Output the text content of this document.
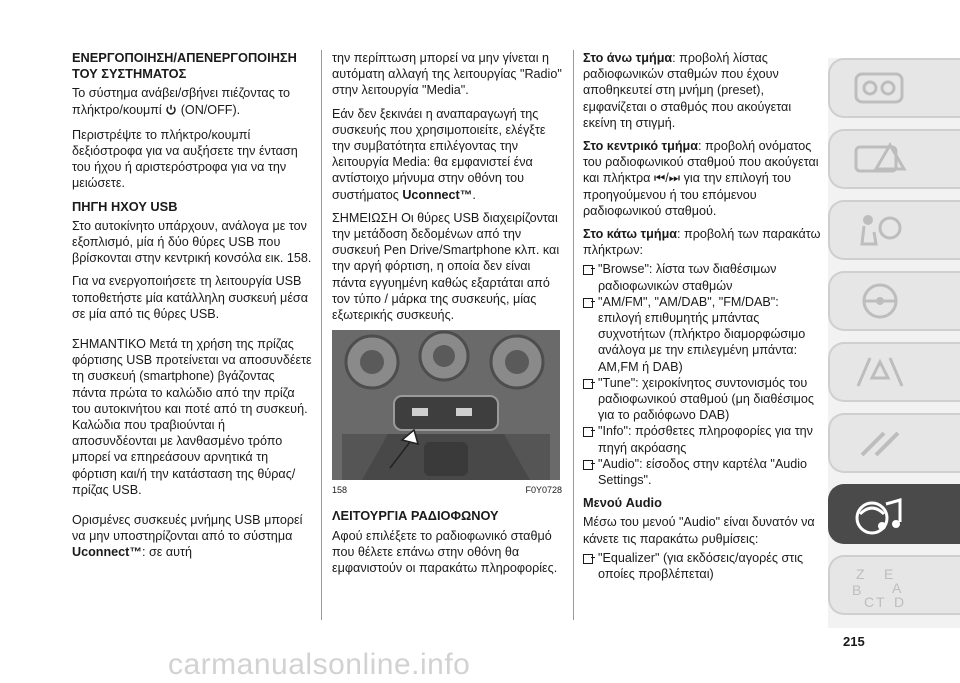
ΕΝΕΡΓΟΠΟΙΗΣΗ/ΑΠΕΝΕΡΓΟΠΟΙΗΣΗ ΤΟΥ ΣΥΣΤΗΜΑΤΟΣ

Το σύστημα ανάβει/σβήνει πιέζοντας το πλήκτρο/κουμπί (ON/OFF).

Περιστρέψτε το πλήκτρο/κουμπί δεξιόστροφα για να αυξήσετε την ένταση του ήχου ή αριστερόστροφα για να την μειώσετε.

ΠΗΓΗ ΗΧΟΥ USB

Στο αυτοκίνητο υπάρχουν, ανάλογα με τον εξοπλισμό, μία ή δύο θύρες USB που βρίσκονται στην κεντρική κονσόλα εικ. 158.

Για να ενεργοποιήσετε τη λειτουργία USB τοποθετήστε μία κατάλληλη συσκευή μέσα σε μία από τις θύρες USB.

ΣΗΜΑΝΤΙΚΟ Μετά τη χρήση της πρίζας φόρτισης USB προτείνεται να αποσυνδέετε τη συσκευή (smartphone) βγάζοντας πάντα πρώτα το καλώδιο από την πρίζα του αυτοκινήτου και ποτέ από τη συσκευή. Καλώδια που τραβιούνται ή αποσυνδέονται με λανθασμένο τρόπο μπορεί να επηρεάσουν αρνητικά τη φόρτιση και/ή την κατάσταση της θύρας/πρίζας USB.

Ορισμένες συσκευές μνήμης USB μπορεί να μην υποστηρίζονται από το σύστημα Uconnect™: σε αυτή

την περίπτωση μπορεί να μην γίνεται η αυτόματη αλλαγή της λειτουργίας "Radio" στην λειτουργία "Media".

Εάν δεν ξεκινάει η αναπαραγωγή της συσκευής που χρησιμοποιείτε, ελέγξτε την συμβατότητα επιλέγοντας την λειτουργία Media: θα εμφανιστεί ένα αντίστοιχο μήνυμα στην οθόνη του συστήματος Uconnect™.

ΣΗΜΕΙΩΣΗ Οι θύρες USB διαχειρίζονται την μετάδοση δεδομένων από την συσκευή Pen Drive/Smartphone κλπ. και την αργή φόρτιση, η οποία δεν είναι πάντα εγγυημένη καθώς εξαρτάται από τον τύπο / μάρκα της συσκευής, μίας εξωτερικής συσκευής.

158	F0Y0728
ΛΕΙΤΟΥΡΓΙΑ ΡΑΔΙΟΦΩΝΟΥ

Αφού επιλέξετε το ραδιοφωνικό σταθμό που θέλετε επάνω στην οθόνη θα εμφανιστούν οι παρακάτω πληροφορίες.

Στο άνω τμήμα: προβολή λίστας ραδιοφωνικών σταθμών που έχουν αποθηκευτεί στη μνήμη (preset), εμφανίζεται ο σταθμός που ακούγεται εκείνη τη στιγμή.

Στο κεντρικό τμήμα: προβολή ονόματος του ραδιοφωνικού σταθμού που ακούγεται και πλήκτρα ⏮/⏭ για την επιλογή του προηγούμενου ή του επόμενου ραδιοφωνικού σταθμού.

Στο κάτω τμήμα: προβολή των παρακάτω πλήκτρων:

"Browse": λίστα των διαθέσιμων ραδιοφωνικών σταθμών
"AM/FM", "AM/DAB", "FM/DAB": επιλογή επιθυμητής μπάντας συχνοτήτων (πλήκτρο διαμορφώσιμο ανάλογα με την επιλεγμένη μπάντα: AM,FM ή DAB)
"Tune": χειροκίνητος συντονισμός του ραδιοφωνικού σταθμού (μη διαθέσιμος για το ραδιόφωνο DAB)
"Info": πρόσθετες πληροφορίες για την πηγή ακρόασης
"Audio": είσοδος στην καρτέλα "Audio Settings".
Μενού Audio

Μέσω του μενού "Audio" είναι δυνατόν να κάνετε τις παρακάτω ρυθμίσεις:

"Equalizer" (για εκδόσεις/αγορές στις οποίες προβλέπεται)	Z E
B A
C T D
215
carmanualsonline.info
